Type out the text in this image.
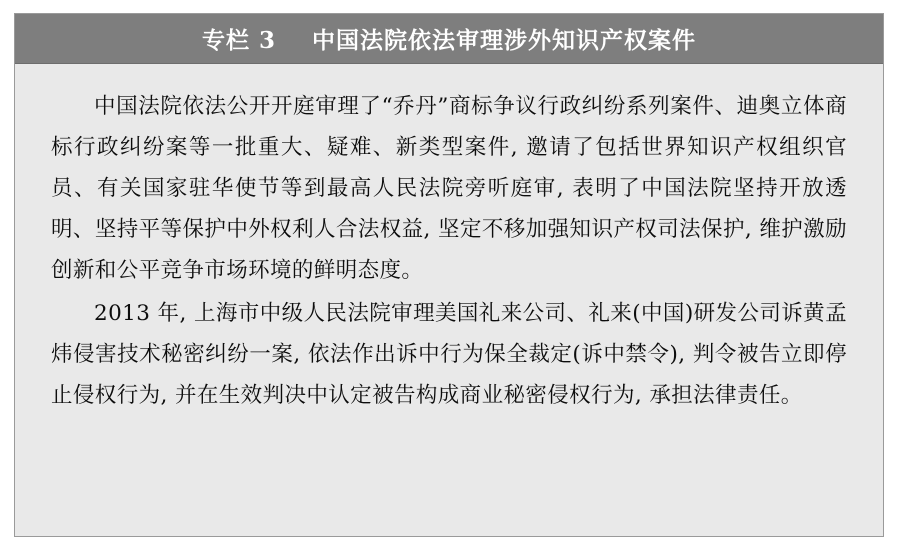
专栏 3    中国法院依法审理涉外知识产权案件

中国法院依法公开开庭审理了“乔丹”商标争议行政纠纷系列案件、迪奥立体商标行政纠纷案等一批重大、疑难、新类型案件, 邀请了包括世界知识产权组织官员、有关国家驻华使节等到最高人民法院旁听庭审, 表明了中国法院坚持开放透明、坚持平等保护中外权利人合法权益, 坚定不移加强知识产权司法保护, 维护激励创新和公平竞争市场环境的鲜明态度。

2013 年, 上海市中级人民法院审理美国礼来公司、礼来(中国)研发公司诉黄孟炜侵害技术秘密纠纷一案, 依法作出诉中行为保全裁定(诉中禁令), 判令被告立即停止侵权行为, 并在生效判决中认定被告构成商业秘密侵权行为, 承担法律责任。
